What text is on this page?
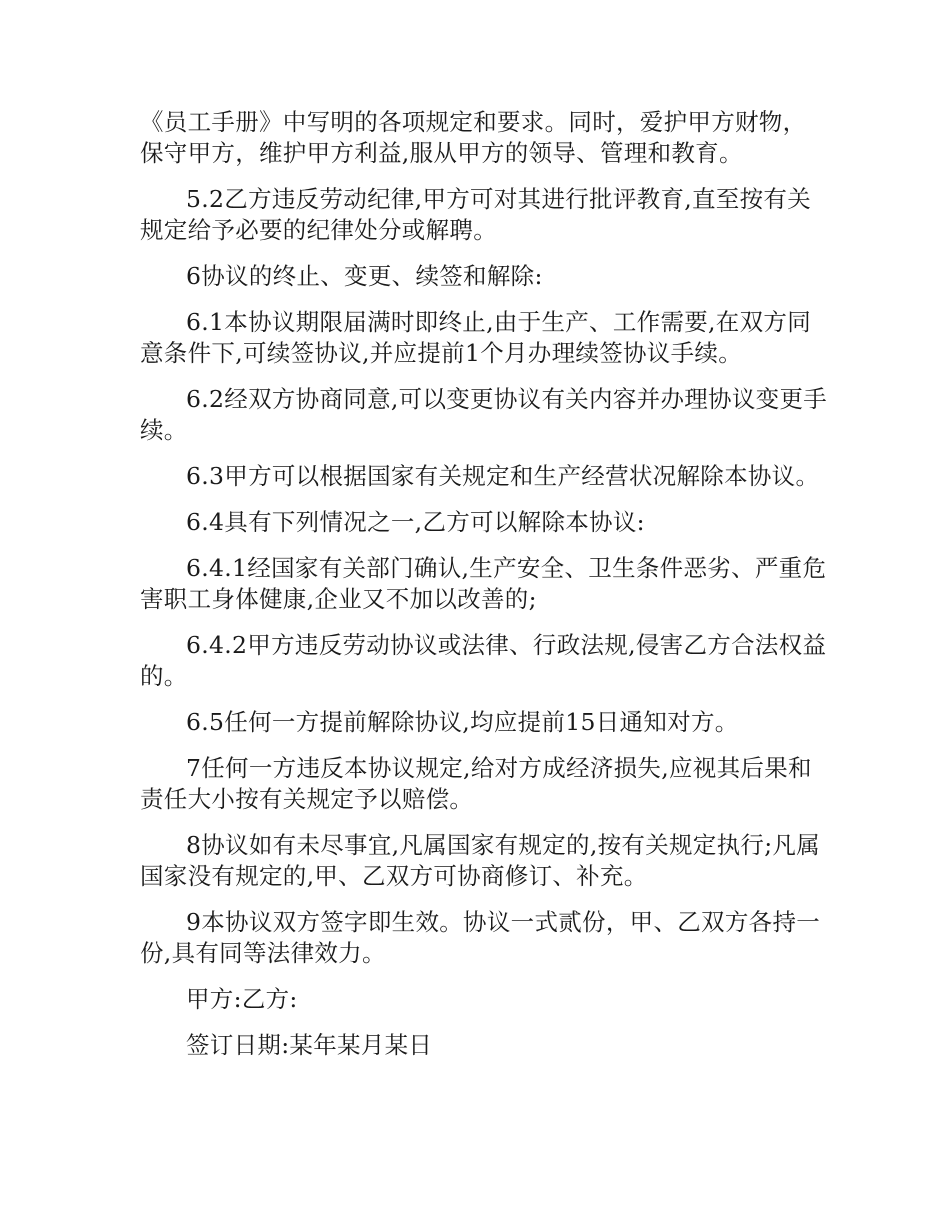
《员工手册》中写明的各项规定和要求。同时，爱护甲方财物，保守甲方，维护甲方利益,服从甲方的领导、管理和教育。

5.2乙方违反劳动纪律,甲方可对其进行批评教育,直至按有关规定给予必要的纪律处分或解聘。

6协议的终止、变更、续签和解除:

6.1本协议期限届满时即终止,由于生产、工作需要,在双方同意条件下,可续签协议,并应提前1个月办理续签协议手续。

6.2经双方协商同意,可以变更协议有关内容并办理协议变更手续。

6.3甲方可以根据国家有关规定和生产经营状况解除本协议。

6.4具有下列情况之一,乙方可以解除本协议:

6.4.1经国家有关部门确认,生产安全、卫生条件恶劣、严重危害职工身体健康,企业又不加以改善的;

6.4.2甲方违反劳动协议或法律、行政法规,侵害乙方合法权益的。

6.5任何一方提前解除协议,均应提前15日通知对方。

7任何一方违反本协议规定,给对方成经济损失,应视其后果和责任大小按有关规定予以赔偿。

8协议如有未尽事宜,凡属国家有规定的,按有关规定执行;凡属国家没有规定的,甲、乙双方可协商修订、补充。

9本协议双方签字即生效。协议一式贰份，甲、乙双方各持一份,具有同等法律效力。

甲方:乙方:

签订日期:某年某月某日
